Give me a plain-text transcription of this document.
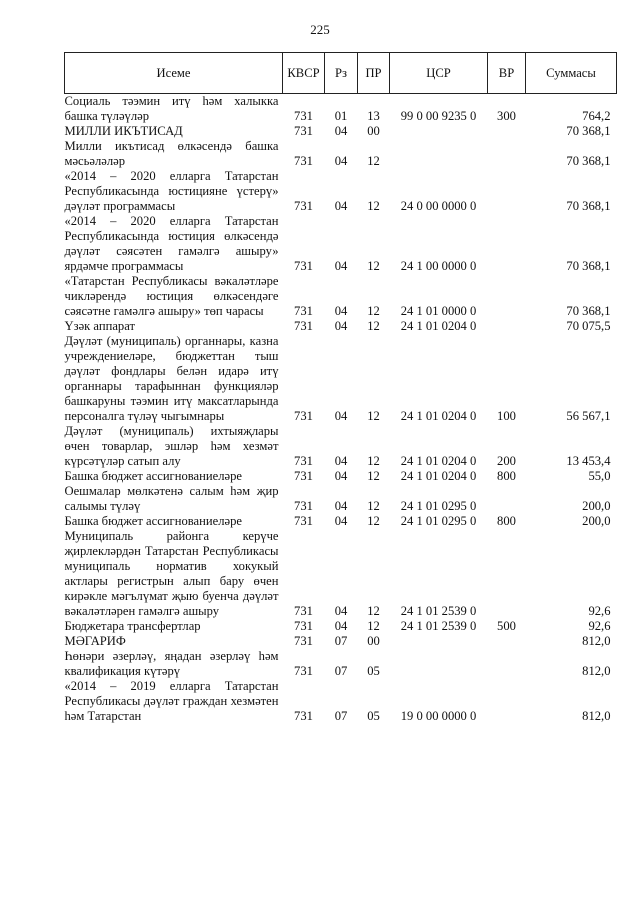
225
Исеме	КВСР	Рз	ПР	ЦСР	ВР	Суммасы
Социаль тәэмин итү һәм халыкка башка түләүләр	731	01	13	99 0 00 9235 0	300	764,2
МИЛЛИ ИКЪТИСАД	731	04	00			70 368,1
Милли икътисад өлкәсендә башка мәсьәләләр	731	04	12			70 368,1
«2014 – 2020 елларга Татарстан Республикасында юстицияне үстерү» дәүләт программасы	731	04	12	24 0 00 0000 0		70 368,1
«2014 – 2020 елларга Татарстан Республикасында юстиция өлкәсендә дәүләт сәясәтен гамәлгә ашыру» ярдәмче программасы	731	04	12	24 1 00 0000 0		70 368,1
«Татарстан Республикасы вәкаләтләре чикләрендә юстиция өлкәсендәге сәясәтне гамәлгә ашыру» төп чарасы	731	04	12	24 1 01 0000 0		70 368,1
Үзәк аппарат	731	04	12	24 1 01 0204 0		70 075,5
Дәүләт (муниципаль) органнары, казна учреждениеләре, бюджеттан тыш дәүләт фондлары белән идарә итү органнары тарафыннан функцияләр башкаруны тәэмин итү максатларында персоналга түләү чыгымнары	731	04	12	24 1 01 0204 0	100	56 567,1
Дәүләт (муниципаль) ихтыяҗлары өчен товарлар, эшләр һәм хезмәт күрсәтүләр сатып алу	731	04	12	24 1 01 0204 0	200	13 453,4
Башка бюджет ассигнованиеләре	731	04	12	24 1 01 0204 0	800	55,0
Оешмалар мөлкәтенә салым һәм җир салымы түләү	731	04	12	24 1 01 0295 0		200,0
Башка бюджет ассигнованиеләре	731	04	12	24 1 01 0295 0	800	200,0
Муниципаль районга керүче җирлекләрдән Татарстан Республикасы муниципаль норматив хокукый актлары регистрын алып бару өчен кирәкле мәгълүмат җыю буенча дәүләт вәкаләтләрен гамәлгә ашыру	731	04	12	24 1 01 2539 0		92,6
Бюджетара трансфертлар	731	04	12	24 1 01 2539 0	500	92,6
МӘГАРИФ	731	07	00			812,0
Һөнәри әзерләү, яңадан әзерләү һәм квалификация күтәрү	731	07	05			812,0
«2014 – 2019 елларга Татарстан Республикасы дәүләт граждан хезмәтен һәм Татарстан	731	07	05	19 0 00 0000 0		812,0
